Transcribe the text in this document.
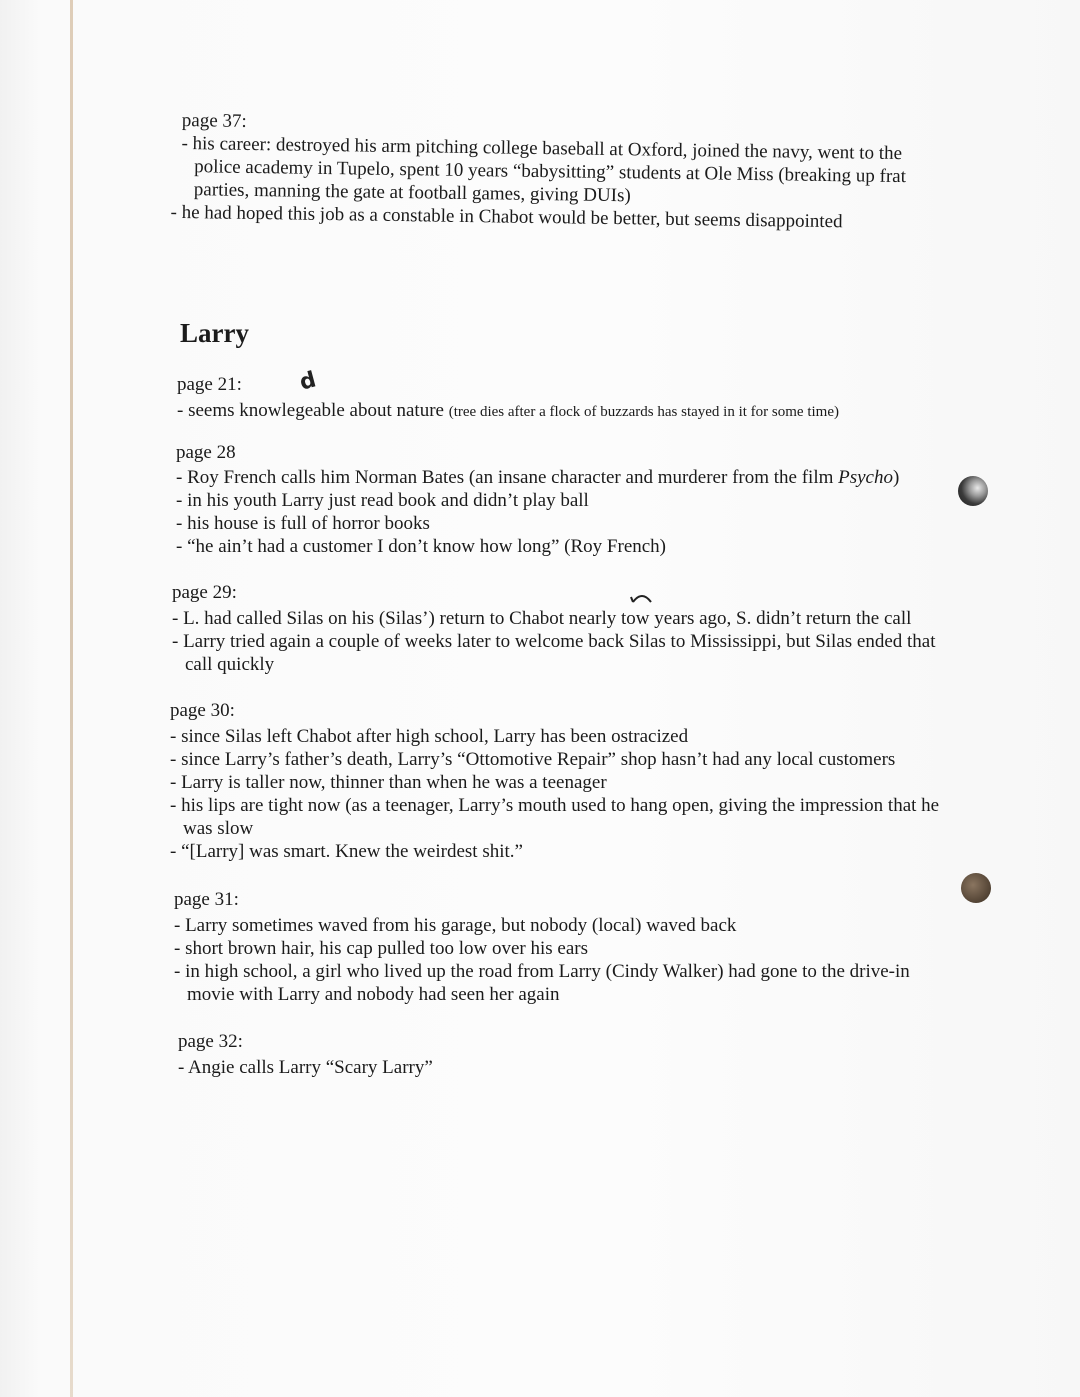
page 37:

- his career: destroyed his arm pitching college baseball at Oxford, joined the navy, went to the police academy in Tupelo, spent 10 years “babysitting” students at Ole Miss (breaking up frat parties, manning the gate at football games, giving DUIs)

- he had hoped this job as a constable in Chabot would be better, but seems disappointed

Larry

page 21:

- seems knowlegeable about nature (tree dies after a flock of buzzards has stayed in it for some time)

d

page 28

- Roy French calls him Norman Bates (an insane character and murderer from the film Psycho)

- in his youth Larry just read book and didn’t play ball

- his house is full of horror books

- “he ain’t had a customer I don’t know how long” (Roy French)

page 29:

- L. had called Silas on his (Silas’) return to Chabot nearly tow years ago, S. didn’t return the call

- Larry tried again a couple of weeks later to welcome back Silas to Mississippi, but Silas ended that call quickly

page 30:

- since Silas left Chabot after high school, Larry has been ostracized

- since Larry’s father’s death, Larry’s “Ottomotive Repair” shop hasn’t had any local customers

- Larry is taller now, thinner than when he was a teenager

- his lips are tight now (as a teenager, Larry’s mouth used to hang open, giving the impression that he was slow

- “[Larry] was smart. Knew the weirdest shit.”

page 31:

- Larry sometimes waved from his garage, but nobody (local) waved back

- short brown hair, his cap pulled too low over his ears

- in high school, a girl who lived up the road from Larry (Cindy Walker) had gone to the drive-in movie with Larry and nobody had seen her again

page 32:

- Angie calls Larry “Scary Larry”
